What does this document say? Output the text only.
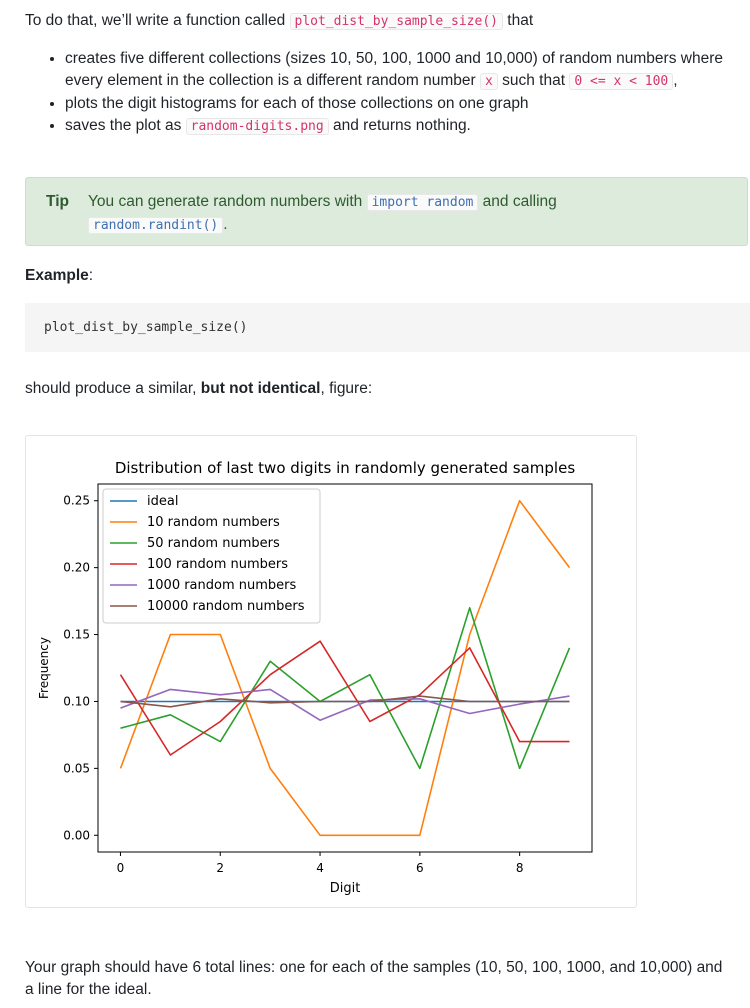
To do that, we’ll write a function called plot_dist_by_sample_size() that

• creates five different collections (sizes 10, 50, 100, 1000 and 10,000) of random numbers where every element in the collection is a different random number x such that 0 <= x < 100 ,
• plots the digit histograms for each of those collections on one graph
• saves the plot as random-digits.png and returns nothing.
Tip You can generate random numbers with import random and calling
random.randint() .
Example:
plot_dist_by_sample_size()

should produce a similar, but not identical, figure:

Distribution of last two digits in randomly generated samples
0.00
0.05
0.10
0.15
0.20
0.25
0	2	4	6	8
Digit
Frequency
ideal
10 random numbers
50 random numbers
100 random numbers
1000 random numbers
10000 random numbers

Your graph should have 6 total lines: one for each of the samples (10, 50, 100, 1000, and 10,000) and a line for the ideal.
